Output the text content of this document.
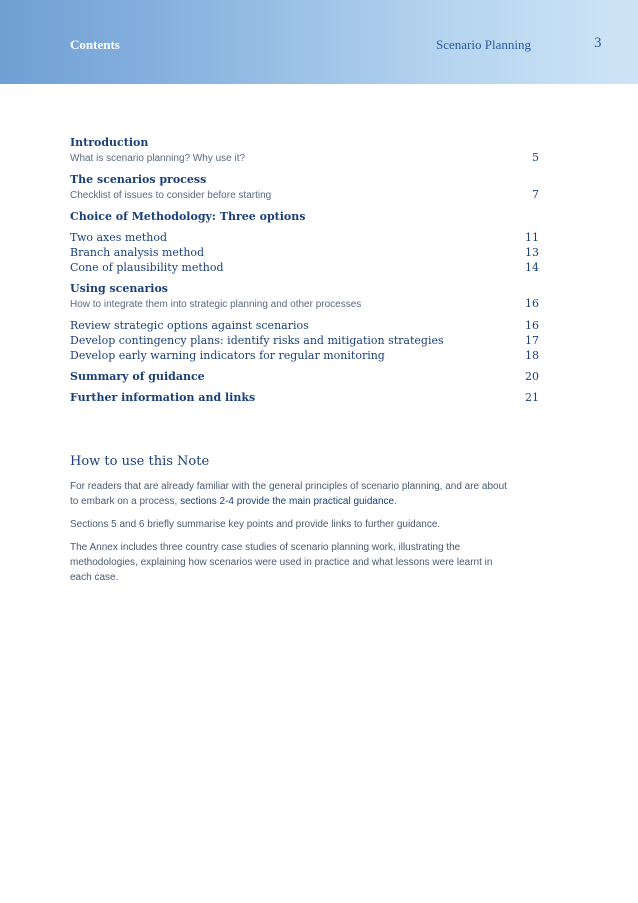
Contents	Scenario Planning	3
Introduction
What is scenario planning? Why use it?	5
The scenarios process
Checklist of issues to consider before starting	7
Choice of Methodology: Three options
Two axes method	11
Branch analysis method	13
Cone of plausibility method	14
Using scenarios
How to integrate them into strategic planning and other processes	16
Review strategic options against scenarios	16
Develop contingency plans: identify risks and mitigation strategies	17
Develop early warning indicators for regular monitoring	18
Summary of guidance	20
Further information and links	21
How to use this Note

For readers that are already familiar with the general principles of scenario planning, and are about to embark on a process, sections 2-4 provide the main practical guidance.

Sections 5 and 6 briefly summarise key points and provide links to further guidance.

The Annex includes three country case studies of scenario planning work, illustrating the methodologies, explaining how scenarios were used in practice and what lessons were learnt in each case.
